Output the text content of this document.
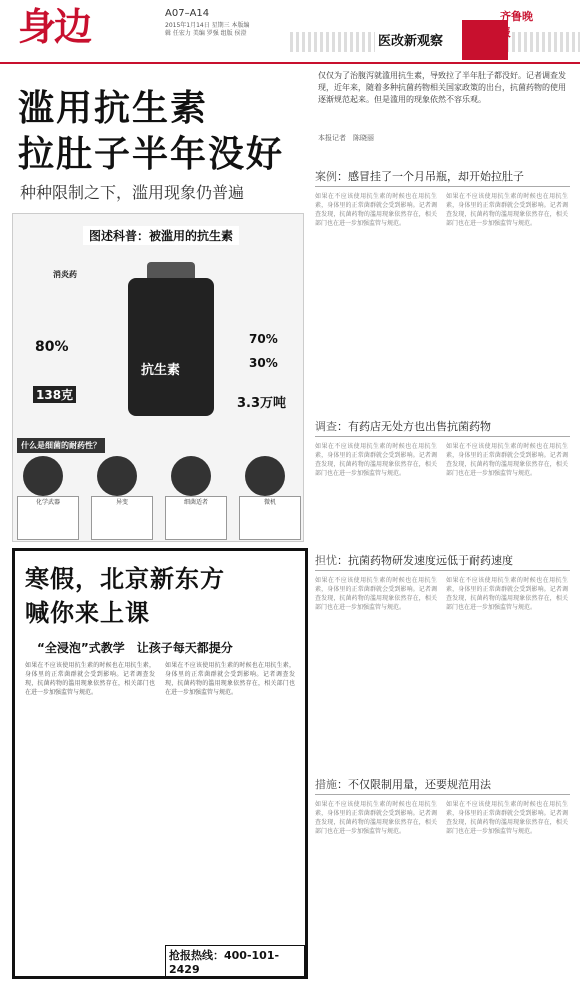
身边	A07–A14
2015年1月14日 星期三 本版编辑 任宏力 美编 罗强 组版 侯澄
医改新观察
齐鲁晚报
滥用抗生素
拉肚子半年没好
种种限制之下，滥用现象仍普遍
仅仅为了治腹泻就滥用抗生素，导致拉了半年肚子都没好。记者调查发现，近年来，随着多种抗菌药物相关国家政策的出台，抗菌药物的使用逐渐规范起来。但是滥用的现象依然不容乐观。
本报记者　陈晓丽
案例：感冒挂了一个月吊瓶，却开始拉肚子
如果在不应该使用抗生素的时候也在用抗生素，身体里的正常菌群就会受到影响。记者调查发现，抗菌药物的滥用现象依然存在，相关部门也在进一步加强监管与规范。
如果在不应该使用抗生素的时候也在用抗生素，身体里的正常菌群就会受到影响。记者调查发现，抗菌药物的滥用现象依然存在，相关部门也在进一步加强监管与规范。
调查：有药店无处方也出售抗菌药物
如果在不应该使用抗生素的时候也在用抗生素，身体里的正常菌群就会受到影响。记者调查发现，抗菌药物的滥用现象依然存在，相关部门也在进一步加强监管与规范。
如果在不应该使用抗生素的时候也在用抗生素，身体里的正常菌群就会受到影响。记者调查发现，抗菌药物的滥用现象依然存在，相关部门也在进一步加强监管与规范。
担忧：抗菌药物研发速度远低于耐药速度
如果在不应该使用抗生素的时候也在用抗生素，身体里的正常菌群就会受到影响。记者调查发现，抗菌药物的滥用现象依然存在，相关部门也在进一步加强监管与规范。
如果在不应该使用抗生素的时候也在用抗生素，身体里的正常菌群就会受到影响。记者调查发现，抗菌药物的滥用现象依然存在，相关部门也在进一步加强监管与规范。
措施：不仅限制用量，还要规范用法
如果在不应该使用抗生素的时候也在用抗生素，身体里的正常菌群就会受到影响。记者调查发现，抗菌药物的滥用现象依然存在，相关部门也在进一步加强监管与规范。
如果在不应该使用抗生素的时候也在用抗生素，身体里的正常菌群就会受到影响。记者调查发现，抗菌药物的滥用现象依然存在，相关部门也在进一步加强监管与规范。
图述科普：被滥用的抗生素
抗生素
消炎药
80%	70%
30%
138克
3.3万吨
什么是细菌的耐药性？
化学武器	异变	细菌适者	微机
寒假，北京新东方
喊你来上课
“全浸泡”式教学　让孩子每天都提分
如果在不应该使用抗生素的时候也在用抗生素，身体里的正常菌群就会受到影响。记者调查发现，抗菌药物的滥用现象依然存在，相关部门也在进一步加强监管与规范。
如果在不应该使用抗生素的时候也在用抗生素，身体里的正常菌群就会受到影响。记者调查发现，抗菌药物的滥用现象依然存在，相关部门也在进一步加强监管与规范。
抢报热线：400-101-2429
